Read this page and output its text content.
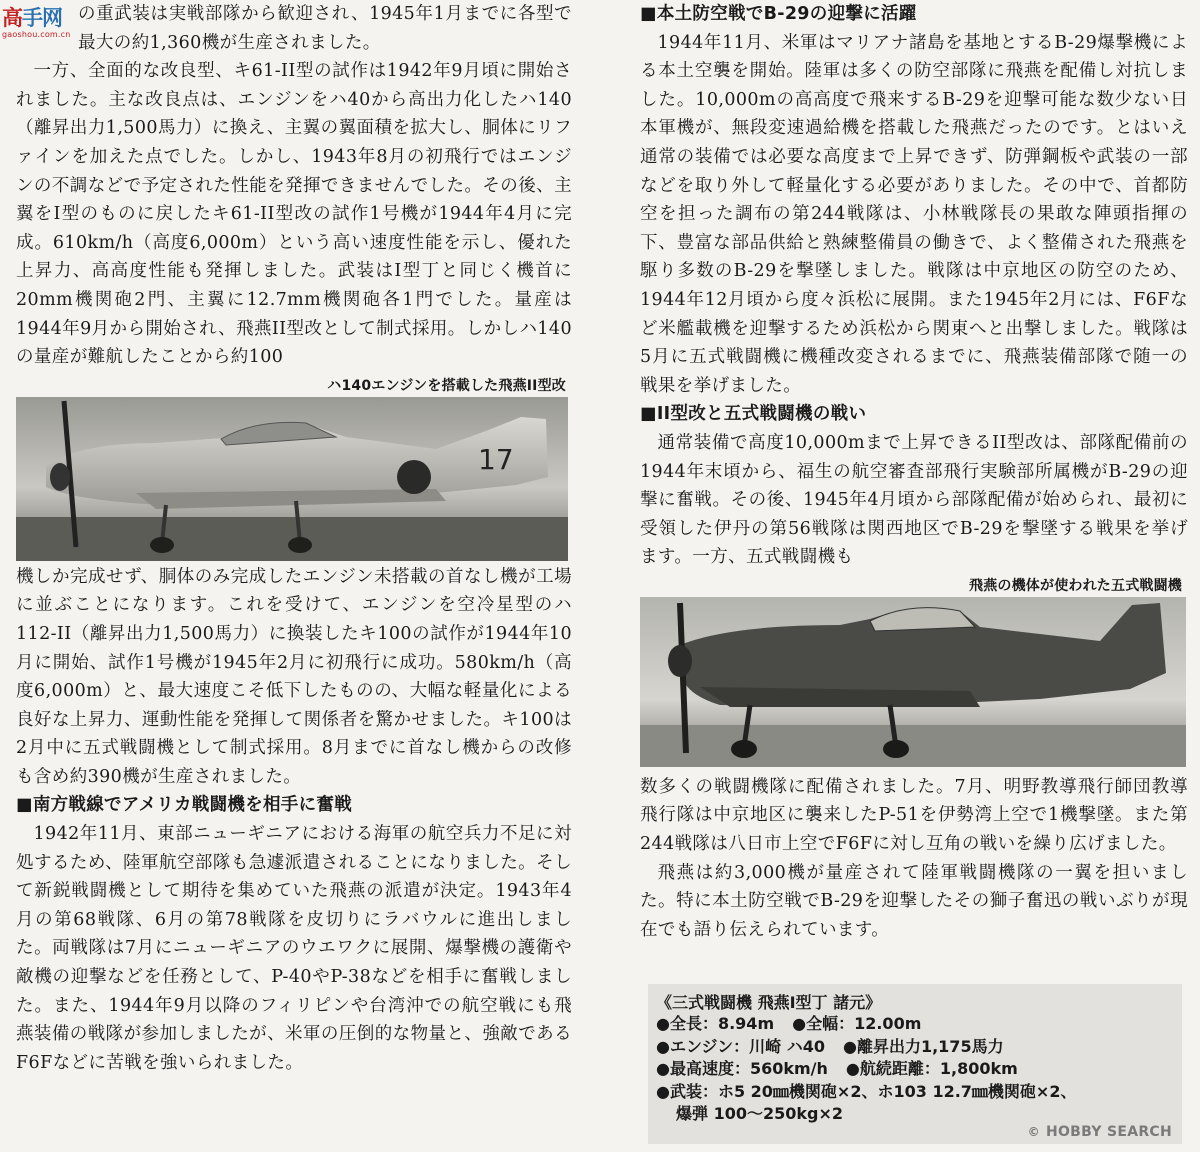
高手网
gaoshou.com.cn

の重武装は実戦部隊から歓迎され、1945年1月までに各型で最大の約1,360機が生産されました。

一方、全面的な改良型、キ61-II型の試作は1942年9月頃に開始されました。主な改良点は、エンジンをハ40から高出力化したハ140（離昇出力1,500馬力）に換え、主翼の翼面積を拡大し、胴体にリファインを加えた点でした。しかし、1943年8月の初飛行ではエンジンの不調などで予定された性能を発揮できませんでした。その後、主翼をI型のものに戻したキ61-II型改の試作1号機が1944年4月に完成。610km/h（高度6,000m）という高い速度性能を示し、優れた上昇力、高高度性能も発揮しました。武装はI型丁と同じく機首に20mm機関砲2門、主翼に12.7mm機関砲各1門でした。量産は1944年9月から開始され、飛燕II型改として制式採用。しかしハ140の量産が難航したことから約100

ハ140エンジンを搭載した飛燕II型改
17

機しか完成せず、胴体のみ完成したエンジン未搭載の首なし機が工場に並ぶことになります。これを受けて、エンジンを空冷星型のハ112-II（離昇出力1,500馬力）に換装したキ100の試作が1944年10月に開始、試作1号機が1945年2月に初飛行に成功。580km/h（高度6,000m）と、最大速度こそ低下したものの、大幅な軽量化による良好な上昇力、運動性能を発揮して関係者を驚かせました。キ100は2月中に五式戦闘機として制式採用。8月までに首なし機からの改修も含め約390機が生産されました。

■南方戦線でアメリカ戦闘機を相手に奮戦

1942年11月、東部ニューギニアにおける海軍の航空兵力不足に対処するため、陸軍航空部隊も急遽派遣されることになりました。そして新鋭戦闘機として期待を集めていた飛燕の派遣が決定。1943年4月の第68戦隊、6月の第78戦隊を皮切りにラバウルに進出しました。両戦隊は7月にニューギニアのウエワクに展開、爆撃機の護衛や敵機の迎撃などを任務として、P-40やP-38などを相手に奮戦しました。また、1944年9月以降のフィリピンや台湾沖での航空戦にも飛燕装備の戦隊が参加しましたが、米軍の圧倒的な物量と、強敵であるF6Fなどに苦戦を強いられました。

■本土防空戦でB-29の迎撃に活躍

1944年11月、米軍はマリアナ諸島を基地とするB-29爆撃機による本土空襲を開始。陸軍は多くの防空部隊に飛燕を配備し対抗しました。10,000mの高高度で飛来するB-29を迎撃可能な数少ない日本軍機が、無段変速過給機を搭載した飛燕だったのです。とはいえ通常の装備では必要な高度まで上昇できず、防弾鋼板や武装の一部などを取り外して軽量化する必要がありました。その中で、首都防空を担った調布の第244戦隊は、小林戦隊長の果敢な陣頭指揮の下、豊富な部品供給と熟練整備員の働きで、よく整備された飛燕を駆り多数のB-29を撃墜しました。戦隊は中京地区の防空のため、1944年12月頃から度々浜松に展開。また1945年2月には、F6Fなど米艦載機を迎撃するため浜松から関東へと出撃しました。戦隊は5月に五式戦闘機に機種改変されるまでに、飛燕装備部隊で随一の戦果を挙げました。

■II型改と五式戦闘機の戦い

通常装備で高度10,000mまで上昇できるII型改は、部隊配備前の1944年末頃から、福生の航空審査部飛行実験部所属機がB-29の迎撃に奮戦。その後、1945年4月頃から部隊配備が始められ、最初に受領した伊丹の第56戦隊は関西地区でB-29を撃墜する戦果を挙げます。一方、五式戦闘機も

飛燕の機体が使われた五式戦闘機

数多くの戦闘機隊に配備されました。7月、明野教導飛行師団教導飛行隊は中京地区に襲来したP-51を伊勢湾上空で1機撃墜。また第244戦隊は八日市上空でF6Fに対し互角の戦いを繰り広げました。

飛燕は約3,000機が量産されて陸軍戦闘機隊の一翼を担いました。特に本土防空戦でB-29を迎撃したその獅子奮迅の戦いぶりが現在でも語り伝えられています。

《三式戦闘機 飛燕I型丁 諸元》
●全長：8.94m ●全幅：12.00m
●エンジン：川崎 ハ40 ●離昇出力1,175馬力
●最高速度：560km/h ●航続距離：1,800km
●武装：ホ5 20㎜機関砲×2、ホ103 12.7㎜機関砲×2、
爆弾 100〜250kg×2
© HOBBY SEARCH
